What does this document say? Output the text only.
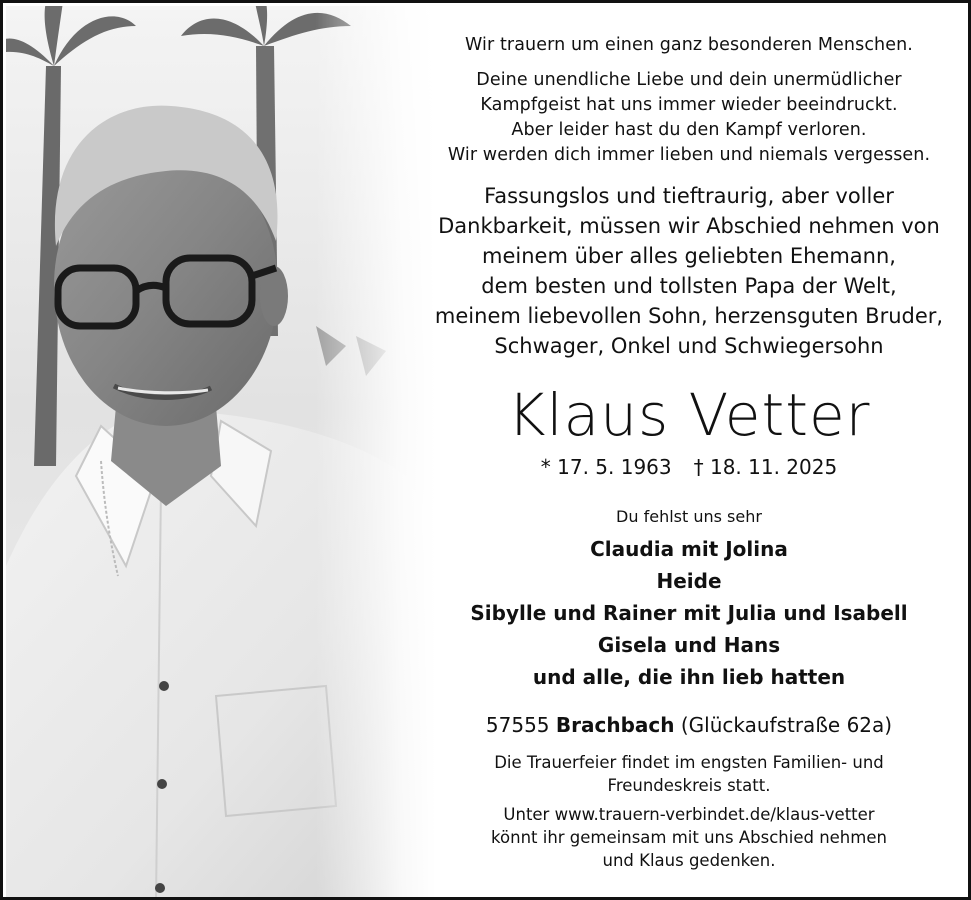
Wir trauern um einen ganz besonderen Menschen.
Deine unendliche Liebe und dein unermüdlicher
Kampfgeist hat uns immer wieder beeindruckt.
Aber leider hast du den Kampf verloren.
Wir werden dich immer lieben und niemals vergessen.
Fassungslos und tieftraurig, aber voller
Dankbarkeit, müssen wir Abschied nehmen von
meinem über alles geliebten Ehemann,
dem besten und tollsten Papa der Welt,
meinem liebevollen Sohn, herzensguten Bruder,
Schwager, Onkel und Schwiegersohn
Klaus Vetter
* 17. 5. 1963 † 18. 11. 2025
Du fehlst uns sehr
Claudia mit Jolina
Heide
Sibylle und Rainer mit Julia und Isabell
Gisela und Hans
und alle, die ihn lieb hatten
57555 Brachbach (Glückaufstraße 62a)
Die Trauerfeier findet im engsten Familien- und
Freundeskreis statt.
Unter www.trauern-verbindet.de/klaus-vetter
könnt ihr gemeinsam mit uns Abschied nehmen
und Klaus gedenken.
